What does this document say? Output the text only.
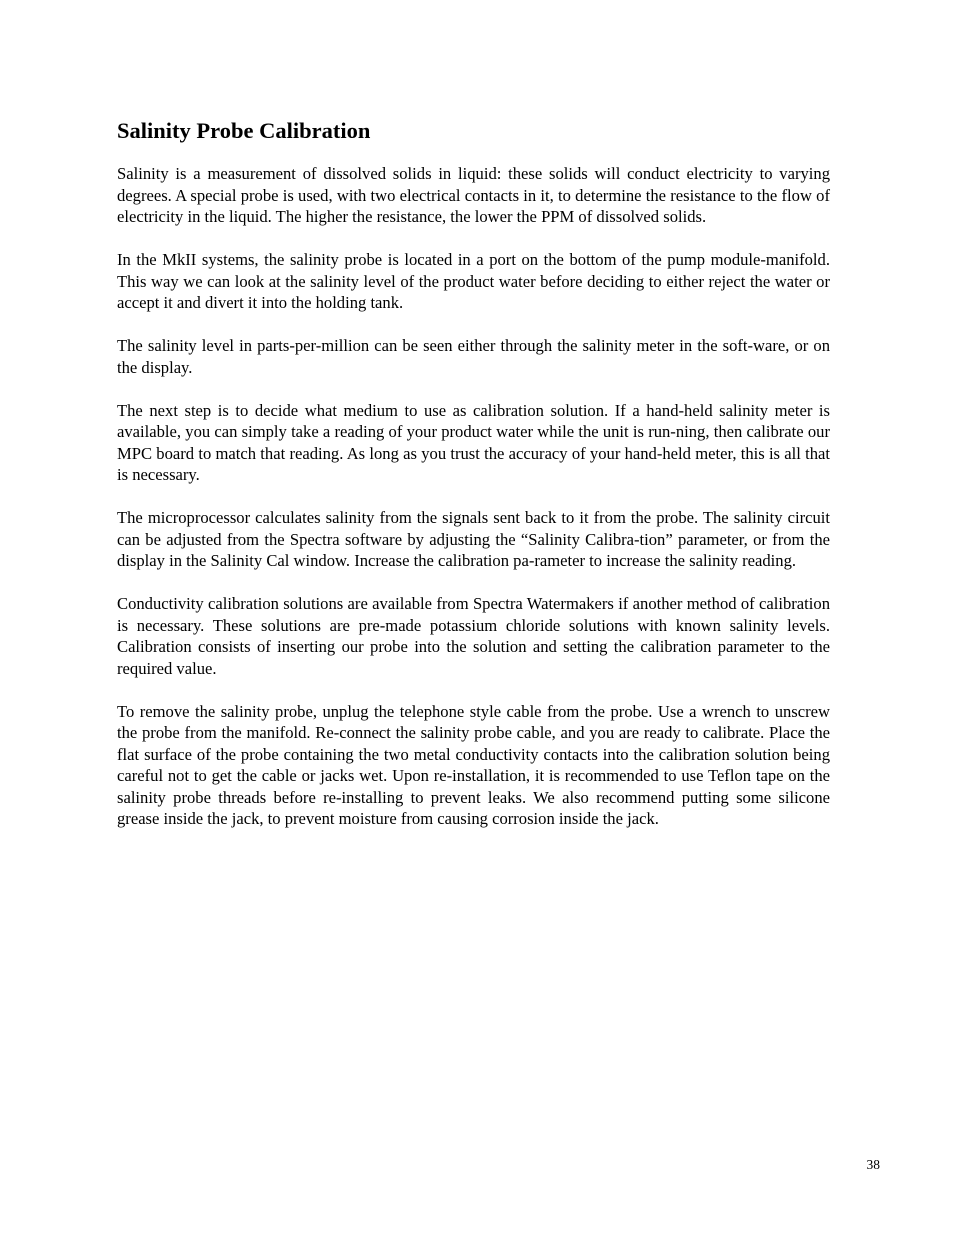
Salinity Probe Calibration

Salinity is a measurement of dissolved solids in liquid: these solids will conduct electricity to varying degrees. A special probe is used, with two electrical contacts in it, to determine the resistance to the flow of electricity in the liquid. The higher the resistance, the lower the PPM of dissolved solids.

In the MkII systems, the salinity probe is located in a port on the bottom of the pump module-manifold. This way we can look at the salinity level of the product water before deciding to either reject the water or accept it and divert it into the holding tank.

The salinity level in parts-per-million can be seen either through the salinity meter in the soft-ware, or on the display.

The next step is to decide what medium to use as calibration solution. If a hand-held salinity meter is available, you can simply take a reading of your product water while the unit is run-ning, then calibrate our MPC board to match that reading. As long as you trust the accuracy of your hand-held meter, this is all that is necessary.

The microprocessor calculates salinity from the signals sent back to it from the probe. The salinity circuit can be adjusted from the Spectra software by adjusting the “Salinity Calibra-tion” parameter, or from the display in the Salinity Cal window. Increase the calibration pa-rameter to increase the salinity reading.

Conductivity calibration solutions are available from Spectra Watermakers if another method of calibration is necessary. These solutions are pre-made potassium chloride solutions with known salinity levels. Calibration consists of inserting our probe into the solution and setting the calibration parameter to the required value.

To remove the salinity probe, unplug the telephone style cable from the probe. Use a wrench to unscrew the probe from the manifold. Re-connect the salinity probe cable, and you are ready to calibrate. Place the flat surface of the probe containing the two metal conductivity contacts into the calibration solution being careful not to get the cable or jacks wet. Upon re-installation, it is recommended to use Teflon tape on the salinity probe threads before re-installing to prevent leaks. We also recommend putting some silicone grease inside the jack, to prevent moisture from causing corrosion inside the jack.

38
